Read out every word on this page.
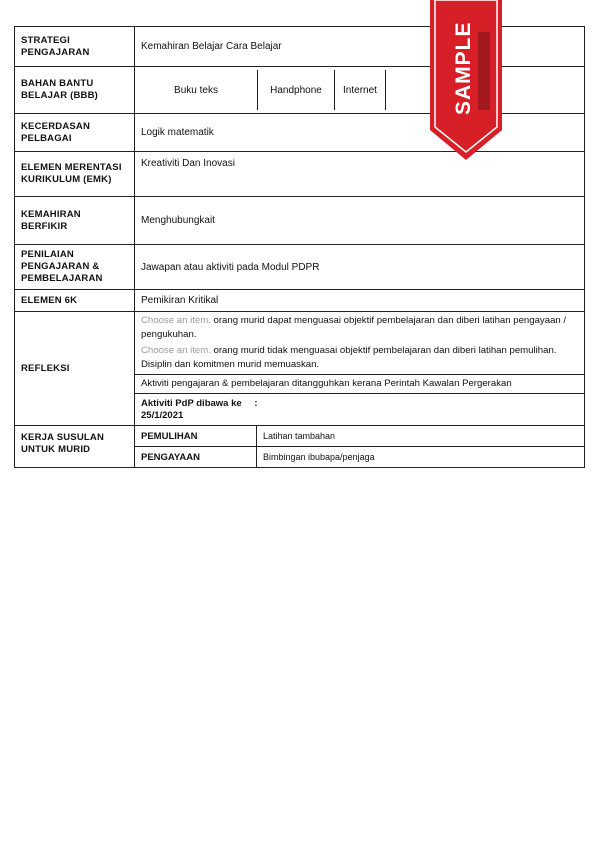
STRATEGI PENGAJARAN	Kemahiran Belajar Cara Belajar
BAHAN BANTU BELAJAR (BBB)	Buku teks Handphone Internet

KECERDASAN PELBAGAI	Logik matematik
ELEMEN MERENTASI KURIKULUM (EMK)	Kreativiti Dan Inovasi
KEMAHIRAN BERFIKIR	Menghubungkait
PENILAIAN PENGAJARAN & PEMBELAJARAN	Jawapan atau aktiviti pada Modul PDPR
ELEMEN 6K	Pemikiran Kritikal
REFLEKSI	Choose an item. orang murid dapat menguasai objektif pembelajaran dan diberi latihan pengayaan / pengukuhan.
Choose an item. orang murid tidak menguasai objektif pembelajaran dan diberi latihan pemulihan. Disiplin dan komitmen murid memuaskan.
Aktiviti pengajaran & pembelajaran ditangguhkan kerana Perintah Kawalan Pergerakan
Aktiviti PdP dibawa ke :
25/1/2021

KERJA SUSULAN UNTUK MURID	PEMULIHAN Latihan tambahan
PENGAYAAN Bimbingan ibubapa/penjaga
SAMPLE
